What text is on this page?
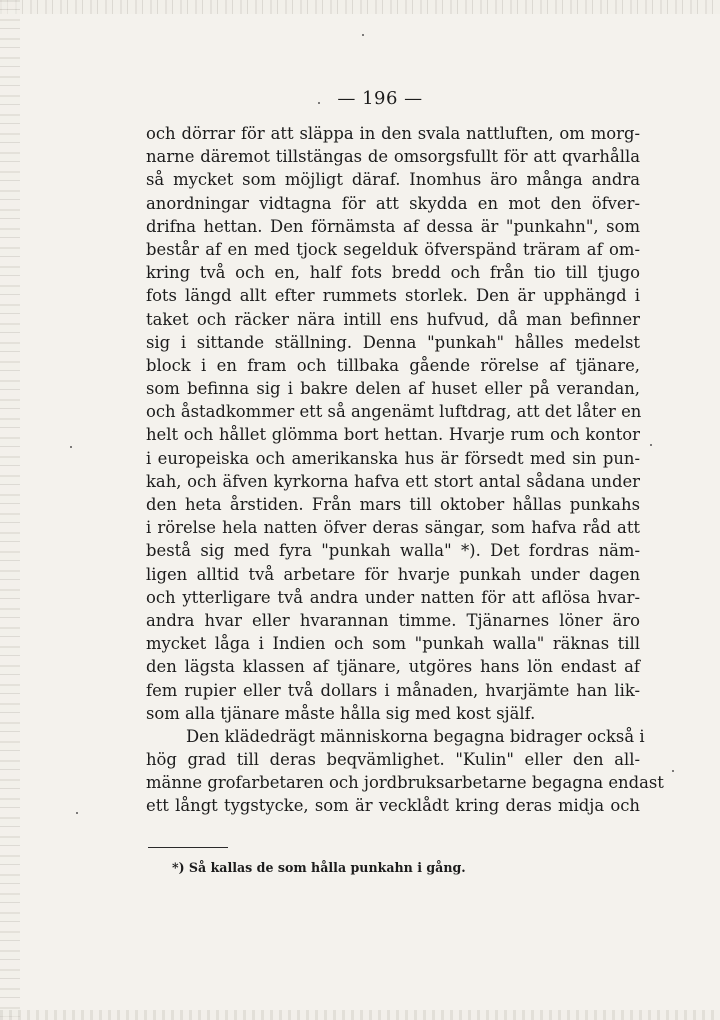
— 196 —
och dörrar för att släppa in den svala nattluften, om morg-
narne däremot tillstängas de omsorgsfullt för att qvarhålla
så mycket som möjligt däraf. Inomhus äro många andra
anordningar vidtagna för att skydda en mot den öfver-
drifna hettan. Den förnämsta af dessa är "punkahn", som
består af en med tjock segelduk öfverspänd träram af om-
kring två och en, half fots bredd och från tio till tjugo
fots längd allt efter rummets storlek. Den är upphängd i
taket och räcker nära intill ens hufvud, då man befinner
sig i sittande ställning. Denna "punkah" hålles medelst
block i en fram och tillbaka gående rörelse af tjänare,
som befinna sig i bakre delen af huset eller på verandan,
och åstadkommer ett så angenämt luftdrag, att det låter en
helt och hållet glömma bort hettan. Hvarje rum och kontor
i europeiska och amerikanska hus är försedt med sin pun-
kah, och äfven kyrkorna hafva ett stort antal sådana under
den heta årstiden. Från mars till oktober hållas punkahs
i rörelse hela natten öfver deras sängar, som hafva råd att
bestå sig med fyra "punkah walla" *). Det fordras näm-
ligen alltid två arbetare för hvarje punkah under dagen
och ytterligare två andra under natten för att aflösa hvar-
andra hvar eller hvarannan timme. Tjänarnes löner äro
mycket låga i Indien och som "punkah walla" räknas till
den lägsta klassen af tjänare, utgöres hans lön endast af
fem rupier eller två dollars i månaden, hvarjämte han lik-
som alla tjänare måste hålla sig med kost själf.
Den klädedrägt människorna begagna bidrager också i
hög grad till deras beqvämlighet. "Kulin" eller den all-
männe grofarbetaren och jordbruksarbetarne begagna endast
ett långt tygstycke, som är vecklådt kring deras midja och
*) Så kallas de som hålla punkahn i gång.
